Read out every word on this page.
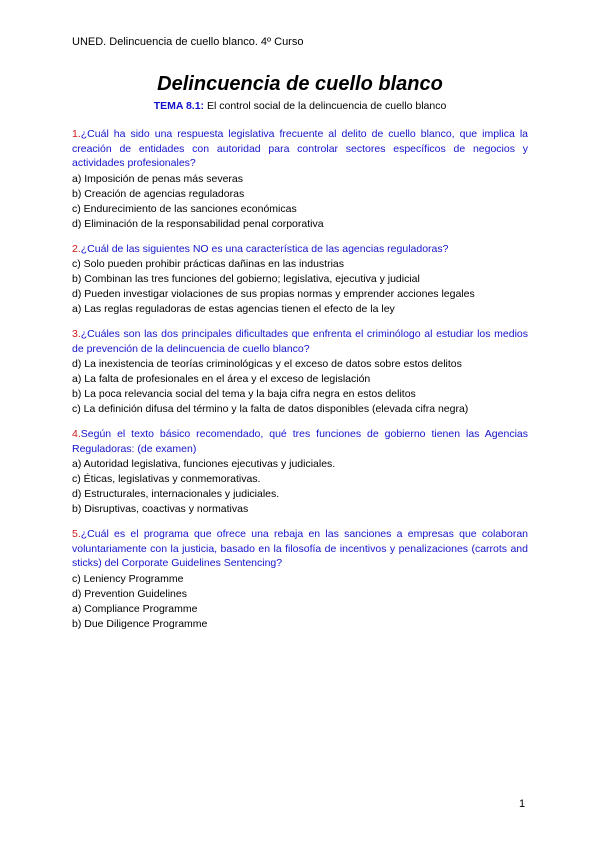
UNED. Delincuencia de cuello blanco. 4º Curso
Delincuencia de cuello blanco
TEMA 8.1: El control social de la delincuencia de cuello blanco
1.¿Cuál ha sido una respuesta legislativa frecuente al delito de cuello blanco, que implica la creación de entidades con autoridad para controlar sectores específicos de negocios y actividades profesionales?
a) Imposición de penas más severas
b) Creación de agencias reguladoras
c) Endurecimiento de las sanciones económicas
d) Eliminación de la responsabilidad penal corporativa
2.¿Cuál de las siguientes NO es una característica de las agencias reguladoras?
c) Solo pueden prohibir prácticas dañinas en las industrias
b) Combinan las tres funciones del gobierno; legislativa, ejecutiva y judicial
d) Pueden investigar violaciones de sus propias normas y emprender acciones legales
a) Las reglas reguladoras de estas agencias tienen el efecto de la ley
3.¿Cuáles son las dos principales dificultades que enfrenta el criminólogo al estudiar los medios de prevención de la delincuencia de cuello blanco?
d) La inexistencia de teorías criminológicas y el exceso de datos sobre estos delitos
a) La falta de profesionales en el área y el exceso de legislación
b) La poca relevancia social del tema y la baja cifra negra en estos delitos
c) La definición difusa del término y la falta de datos disponibles (elevada cifra negra)
4.Según el texto básico recomendado, qué tres funciones de gobierno tienen las Agencias Reguladoras: (de examen)
a) Autoridad legislativa, funciones ejecutivas y judiciales.
c) Éticas, legislativas y conmemorativas.
d) Estructurales, internacionales y judiciales.
b) Disruptivas, coactivas y normativas
5.¿Cuál es el programa que ofrece una rebaja en las sanciones a empresas que colaboran voluntariamente con la justicia, basado en la filosofía de incentivos y penalizaciones (carrots and sticks) del Corporate Guidelines Sentencing?
c) Leniency Programme
d) Prevention Guidelines
a) Compliance Programme
b) Due Diligence Programme
1
